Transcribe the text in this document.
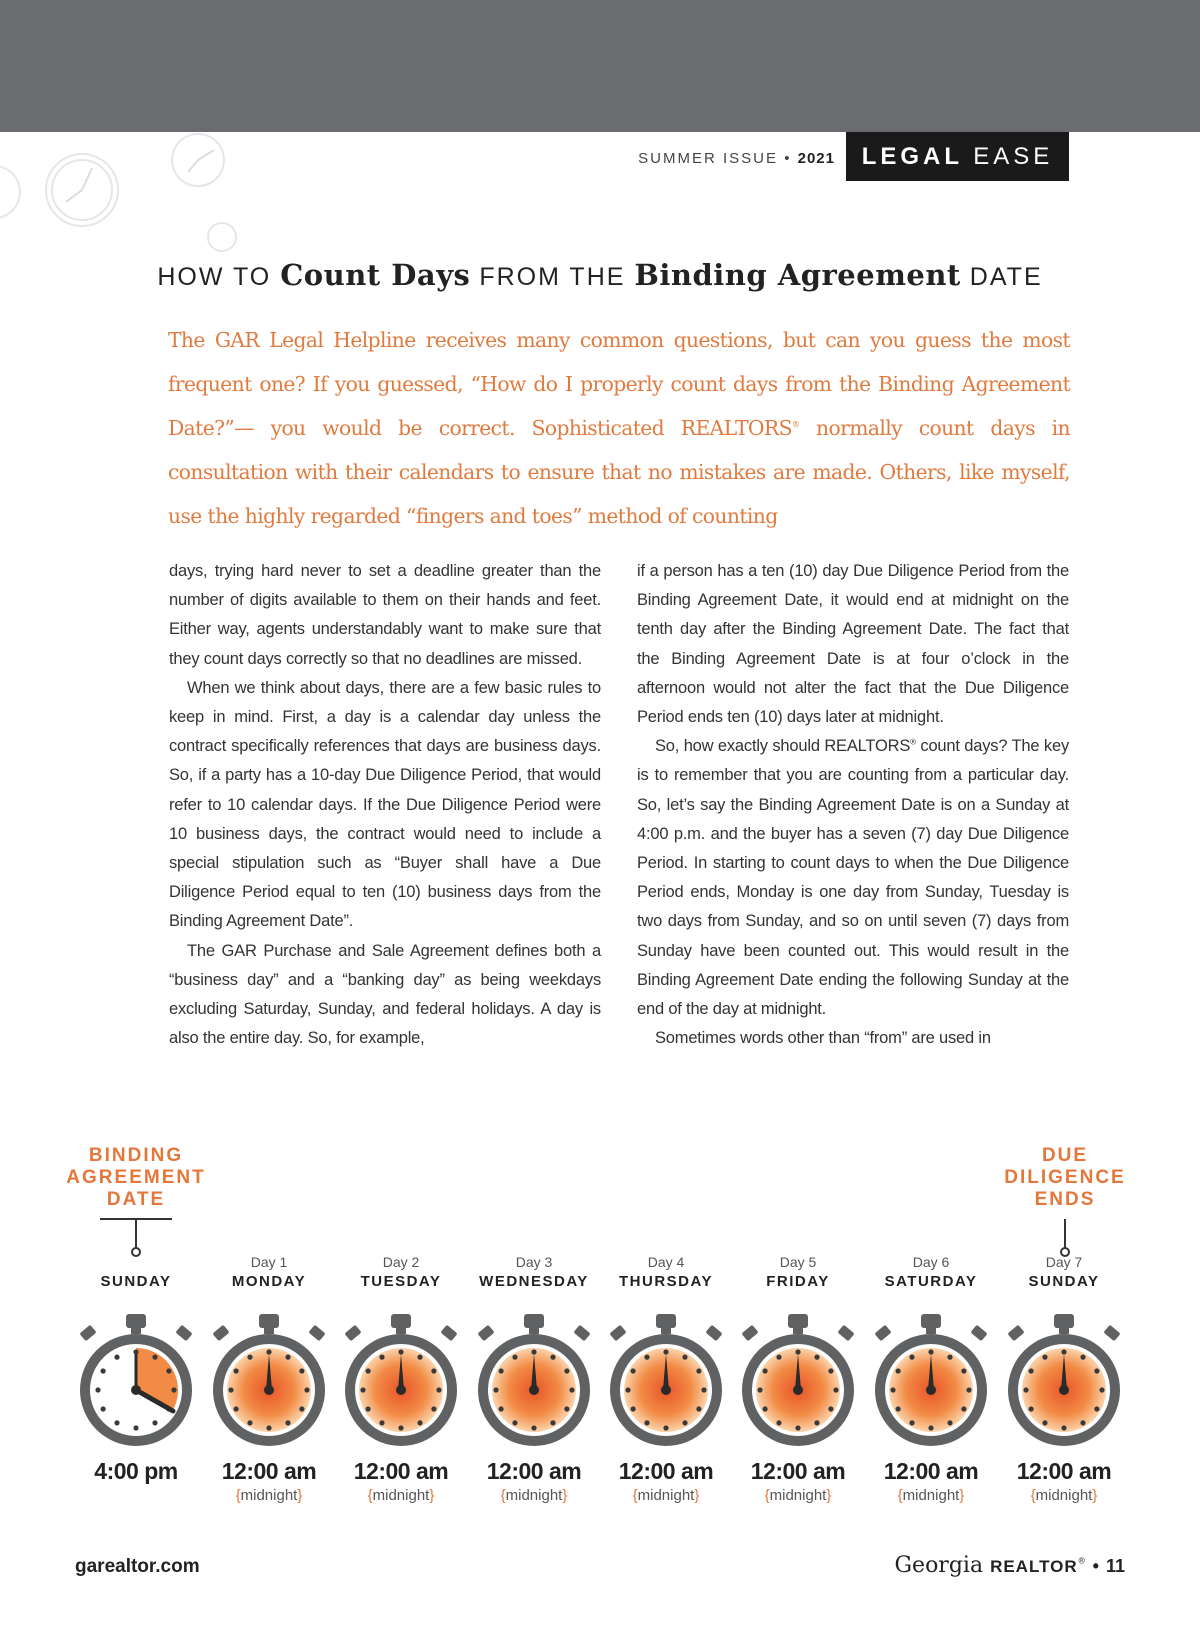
SUMMER ISSUE • 2021	LEGAL EASE
HOW TO Count Days FROM THE Binding Agreement DATE
The GAR Legal Helpline receives many common questions, but can you guess the most frequent one? If you guessed, “How do I properly count days from the Binding Agreement Date?”— you would be correct. Sophisticated REALTORS® normally count days in consultation with their calendars to ensure that no mistakes are made. Others, like myself, use the highly regarded “fingers and toes” method of counting

days, trying hard never to set a deadline greater than the number of digits available to them on their hands and feet. Either way, agents understandably want to make sure that they count days correctly so that no deadlines are missed.

When we think about days, there are a few basic rules to keep in mind. First, a day is a calendar day unless the contract specifically references that days are business days. So, if a party has a 10-day Due Diligence Period, that would refer to 10 calendar days. If the Due Diligence Period were 10 business days, the contract would need to include a special stipulation such as “Buyer shall have a Due Diligence Period equal to ten (10) business days from the Binding Agreement Date”.

The GAR Purchase and Sale Agreement defines both a “business day” and a “banking day” as being weekdays excluding Saturday, Sunday, and federal holidays. A day is also the entire day. So, for example,

if a person has a ten (10) day Due Diligence Period from the Binding Agreement Date, it would end at midnight on the tenth day after the Binding Agreement Date. The fact that the Binding Agreement Date is at four o’clock in the afternoon would not alter the fact that the Due Diligence Period ends ten (10) days later at midnight.

So, how exactly should REALTORS® count days? The key is to remember that you are counting from a particular day. So, let’s say the Binding Agreement Date is on a Sunday at 4:00 p.m. and the buyer has a seven (7) day Due Diligence Period. In starting to count days to when the Due Diligence Period ends, Monday is one day from Sunday, Tuesday is two days from Sunday, and so on until seven (7) days from Sunday have been counted out. This would result in the Binding Agreement Date ending the following Sunday at the end of the day at midnight.

Sometimes words other than “from” are used in

BINDING
AGREEMENT
DATE
DUE
DILIGENCE
ENDS
SUNDAY
4:00 pm
Day 1
MONDAY
12:00 am
{midnight}
Day 2
TUESDAY
12:00 am
{midnight}
Day 3
WEDNESDAY
12:00 am
{midnight}
Day 4
THURSDAY
12:00 am
{midnight}
Day 5
FRIDAY
12:00 am
{midnight}
Day 6
SATURDAY
12:00 am
{midnight}
Day 7
SUNDAY
12:00 am
{midnight}
garealtor.com	Georgia REALTOR® • 11
